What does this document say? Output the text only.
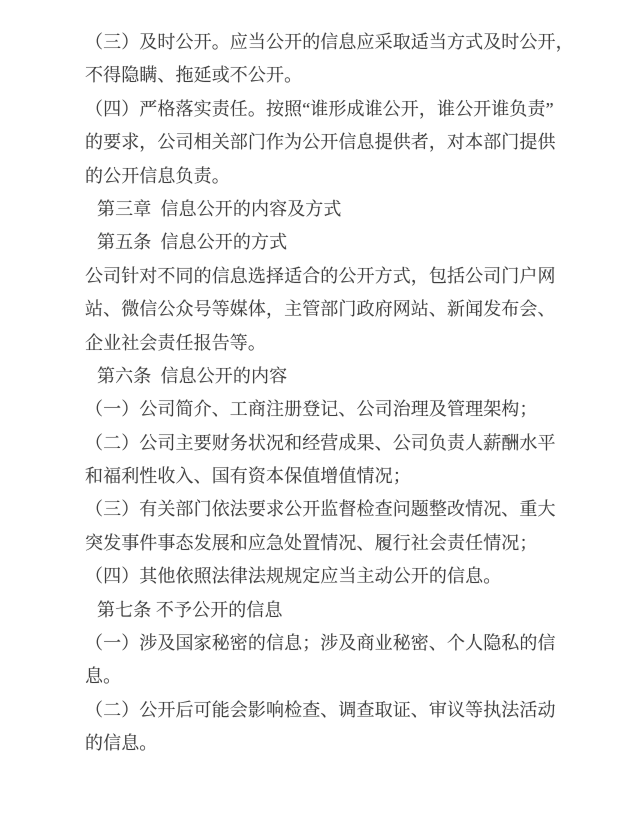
（三）及时公开。应当公开的信息应采取适当方式及时公开，
不得隐瞒、拖延或不公开。
（四）严格落实责任。按照“谁形成谁公开，谁公开谁负责”
的要求，公司相关部门作为公开信息提供者，对本部门提供
的公开信息负责。
第三章  信息公开的内容及方式
第五条  信息公开的方式
公司针对不同的信息选择适合的公开方式，包括公司门户网
站、微信公众号等媒体，主管部门政府网站、新闻发布会、
企业社会责任报告等。
第六条  信息公开的内容
（一）公司简介、工商注册登记、公司治理及管理架构；
（二）公司主要财务状况和经营成果、公司负责人薪酬水平
和福利性收入、国有资本保值增值情况；
（三）有关部门依法要求公开监督检查问题整改情况、重大
突发事件事态发展和应急处置情况、履行社会责任情况；
（四）其他依照法律法规规定应当主动公开的信息。
第七条 不予公开的信息
（一）涉及国家秘密的信息；涉及商业秘密、个人隐私的信
息。
（二）公开后可能会影响检查、调查取证、审议等执法活动
的信息。
